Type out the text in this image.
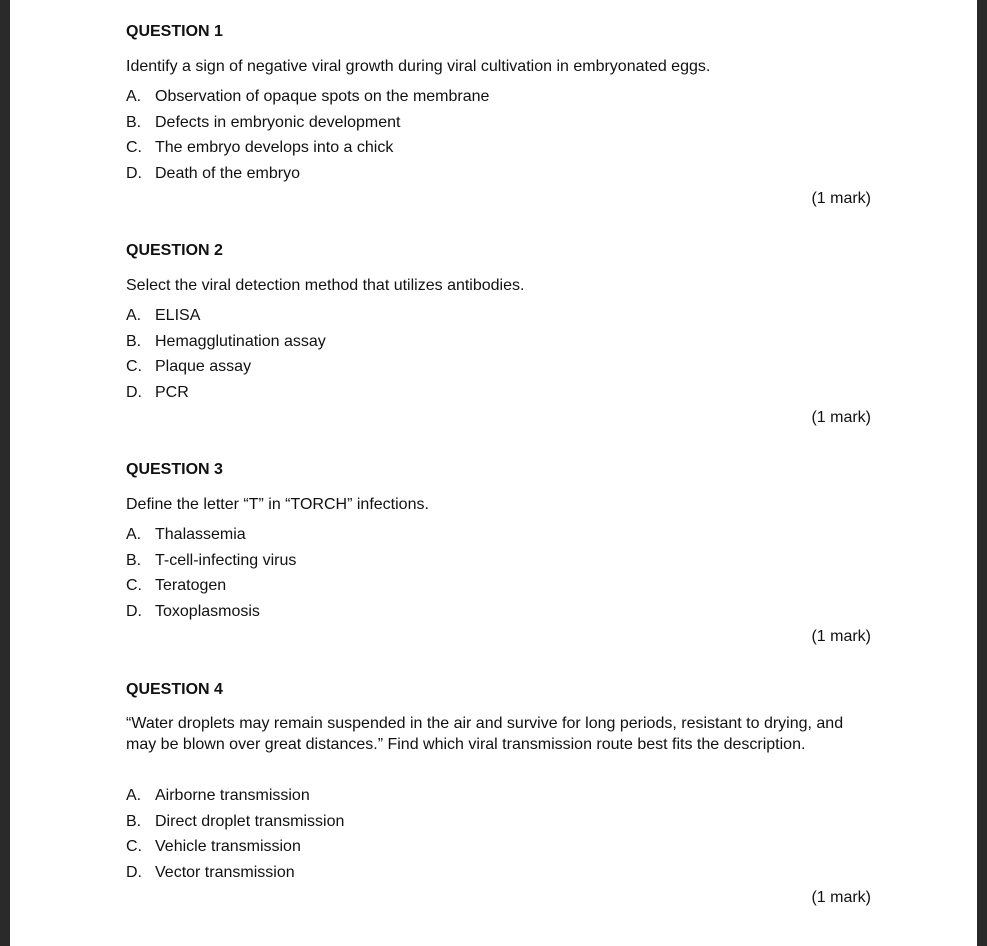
QUESTION 1

Identify a sign of negative viral growth during viral cultivation in embryonated eggs.

A. Observation of opaque spots on the membrane
B. Defects in embryonic development
C. The embryo develops into a chick
D. Death of the embryo
(1 mark)
QUESTION 2

Select the viral detection method that utilizes antibodies.

A. ELISA
B. Hemagglutination assay
C. Plaque assay
D. PCR
(1 mark)
QUESTION 3

Define the letter “T” in “TORCH” infections.

A. Thalassemia
B. T-cell-infecting virus
C. Teratogen
D. Toxoplasmosis
(1 mark)
QUESTION 4

“Water droplets may remain suspended in the air and survive for long periods, resistant to drying, and may be blown over great distances.” Find which viral transmission route best fits the description.

A. Airborne transmission
B. Direct droplet transmission
C. Vehicle transmission
D. Vector transmission
(1 mark)
